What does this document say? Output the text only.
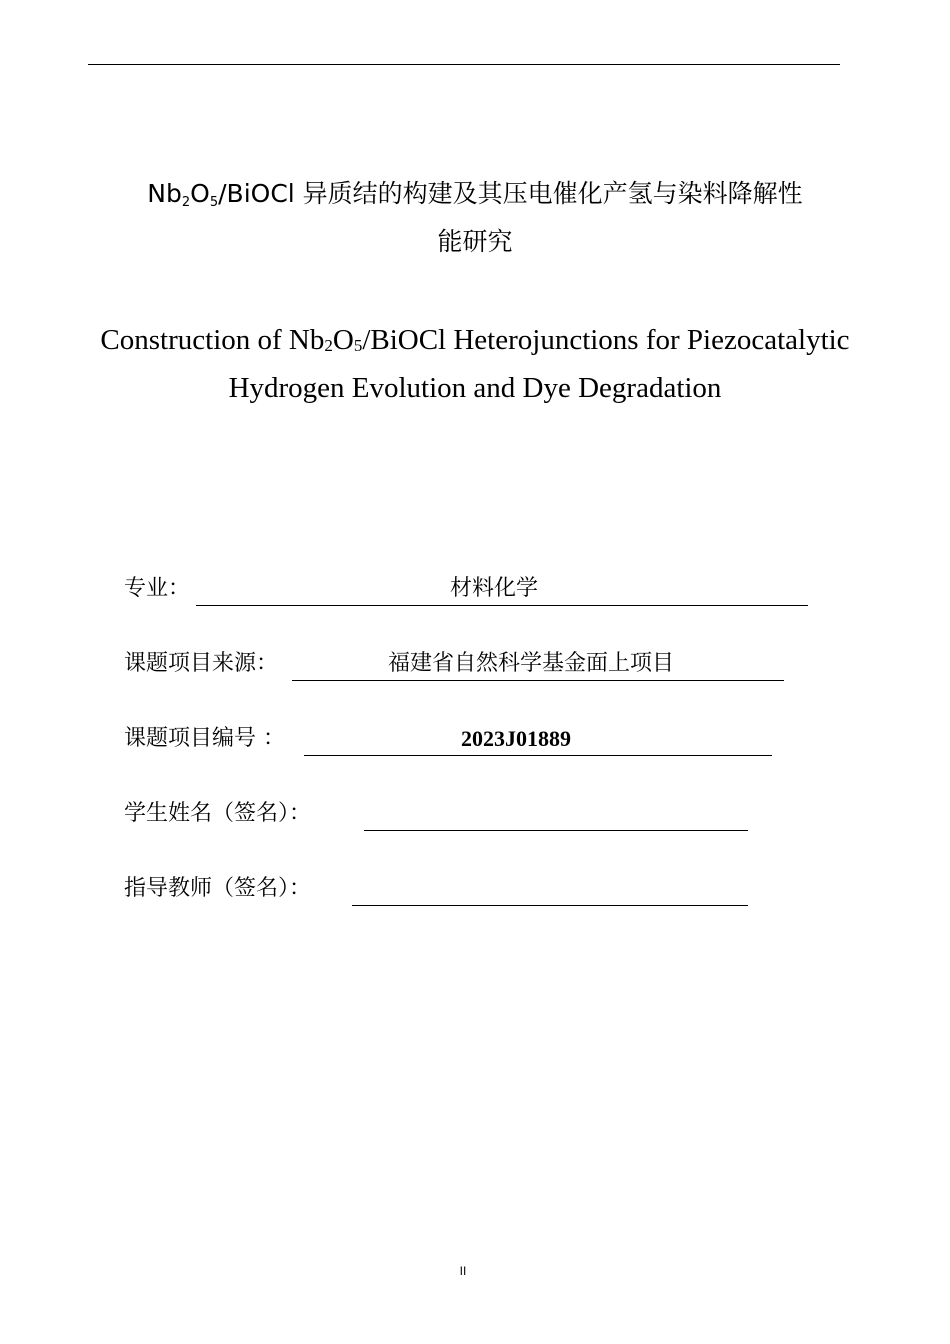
Nb2O5/BiOCl 异质结的构建及其压电催化产氢与染料降解性
能研究
Construction of Nb2O5/BiOCl Heterojunctions for Piezocatalytic
Hydrogen Evolution and Dye Degradation
专业：	材料化学
课题项目来源：	福建省自然科学基金面上项目
课题项目编号 ：	2023J01889
学生姓名（签名）：
指导教师（签名）：
II
